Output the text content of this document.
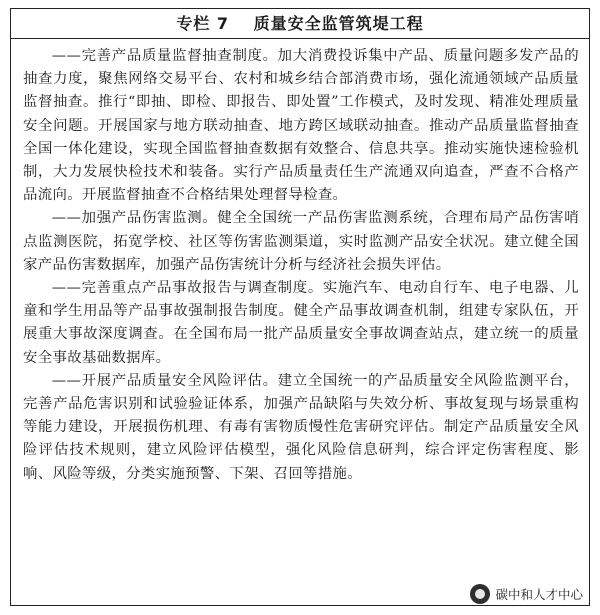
专栏 7 质量安全监管筑堤工程

——完善产品质量监督抽查制度。加大消费投诉集中产品、质量问题多发产品的抽查力度，聚焦网络交易平台、农村和城乡结合部消费市场，强化流通领域产品质量监督抽查。推行“即抽、即检、即报告、即处置”工作模式，及时发现、精准处理质量安全问题。开展国家与地方联动抽查、地方跨区域联动抽查。推动产品质量监督抽查全国一体化建设，实现全国监督抽查数据有效整合、信息共享。推动实施快速检验机制，大力发展快检技术和装备。实行产品质量责任生产流通双向追查，严查不合格产品流向。开展监督抽查不合格结果处理督导检查。

——加强产品伤害监测。健全全国统一产品伤害监测系统，合理布局产品伤害哨点监测医院，拓宽学校、社区等伤害监测渠道，实时监测产品安全状况。建立健全国家产品伤害数据库，加强产品伤害统计分析与经济社会损失评估。

——完善重点产品事故报告与调查制度。实施汽车、电动自行车、电子电器、儿童和学生用品等产品事故强制报告制度。健全产品事故调查机制，组建专家队伍，开展重大事故深度调查。在全国布局一批产品质量安全事故调查站点，建立统一的质量安全事故基础数据库。

——开展产品质量安全风险评估。建立全国统一的产品质量安全风险监测平台，完善产品危害识别和试验验证体系，加强产品缺陷与失效分析、事故复现与场景重构等能力建设，开展损伤机理、有毒有害物质慢性危害研究评估。制定产品质量安全风险评估技术规则，建立风险评估模型，强化风险信息研判，综合评定伤害程度、影响、风险等级，分类实施预警、下架、召回等措施。

碳中和人才中心
